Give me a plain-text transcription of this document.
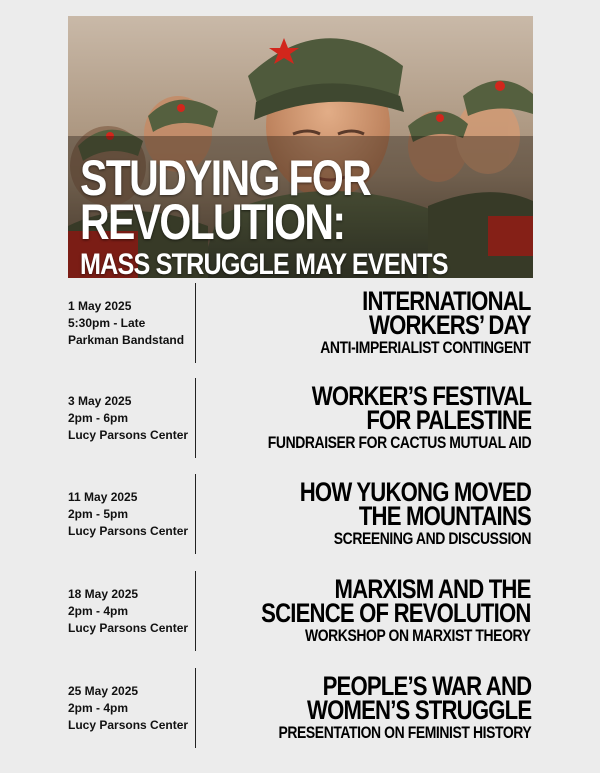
STUDYING FOR
REVOLUTION:
MASS STRUGGLE MAY EVENTS
1 May 2025
5:30pm - Late
Parkman Bandstand
INTERNATIONAL
WORKERS’ DAY
ANTI-IMPERIALIST CONTINGENT
3 May 2025
2pm - 6pm
Lucy Parsons Center
WORKER’S FESTIVAL
FOR PALESTINE
FUNDRAISER FOR CACTUS MUTUAL AID
11 May 2025
2pm - 5pm
Lucy Parsons Center
HOW YUKONG MOVED
THE MOUNTAINS
SCREENING AND DISCUSSION
18 May 2025
2pm - 4pm
Lucy Parsons Center
MARXISM AND THE
SCIENCE OF REVOLUTION
WORKSHOP ON MARXIST THEORY
25 May 2025
2pm - 4pm
Lucy Parsons Center
PEOPLE’S WAR AND
WOMEN’S STRUGGLE
PRESENTATION ON FEMINIST HISTORY
